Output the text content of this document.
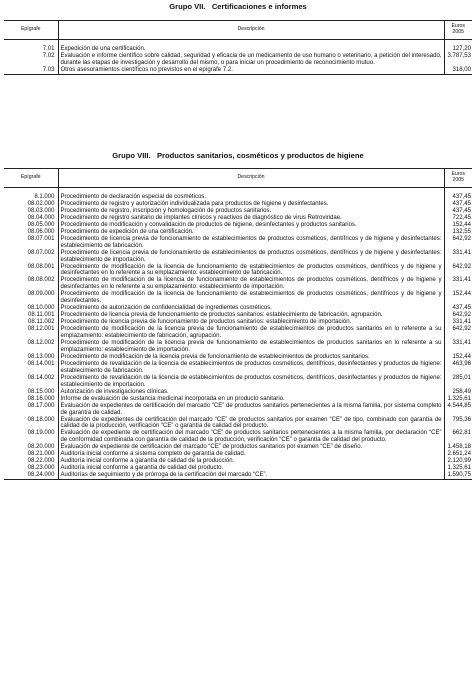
Grupo VII.   Certificaciones e informes
Epígrafe	Descripción	Euros
2005

7.01	Expedición de una certificación.	127,20
7.02	Evaluación e informe científico sobre calidad, seguridad y eficacia de un medicamento de uso humano o veterinario, a petición del interesado, durante las etapas de investigación y desarrollo del mismo, o para iniciar un procedimiento de reconocimiento mutuo.	3.787,53
7.03	Otros asesoramientos científicos no previstos en el epígrafe 7.2.	318,00
Grupo VIII.   Productos sanitarios, cosméticos y productos de higiene
Epígrafe	Descripción	Euros
2005

8.1.000	Procedimiento de declaración especial de cosméticos.	437,45
08.02.000	Procedimiento de registro y autorización individualizada para productos de higiene y desinfectantes.	437,45
08.03.000	Procedimiento de registro, inscripción y homologación de productos sanitarios.	437,45
08.04.000	Procedimiento de registro sanitario de implantes clínicos y reactivos de diagnóstico de virus Retroviridae.	722,45
08.05.000	Procedimiento de modificación y convalidación de productos de higiene, desinfectantes y productos sanitarios.	152,44
08.06.000	Procedimiento de expedición de una certificación.	132,55
08.07.001	Procedimiento de licencia previa de funcionamiento de establecimientos de productos cosméticos, dentífricos y de higiene y desinfectantes: establecimiento de fabricación.	642,92
08.07.002	Procedimiento de licencia previa de funcionamiento de establecimientos de productos cosméticos, dentífricos y de higiene y desinfectantes: establecimiento de importación.	331,41
08.08.001	Procedimiento de modificación de la licencia de funcionamiento de establecimientos de productos cosméticos, dentífricos y de higiene y desinfectantes en lo referente a su emplazamiento: establecimiento de fabricación.	642,92
08.08.002	Procedimiento de modificación de la licencia de funcionamiento de establecimientos de productos cosméticos, dentífricos y de higiene y desinfectantes en lo referente a su emplazamiento: establecimiento de importación.	331,41
08.09.000	Procedimiento de modificación de la licencia de funcionamiento de establecimientos de productos cosméticos, dentífricos y de higiene y desinfectantes.	152,44
08.10.000	Procedimiento de autorización de confidencialidad de ingredientes cosméticos.	437,45
08.11.001	Procedimiento de licencia previa de funcionamiento de productos sanitarios: establecimiento de fabricación, agrupación.	642,92
08.11.002	Procedimiento de licencia previa de funcionamiento de productos sanitarios: establecimiento de importación.	331,41
08.12.001	Procedimiento de modificación de la licencia previa de funcionamiento de establecimientos de productos sanitarios en lo referente a su emplazamiento: establecimiento de fabricación, agrupación.	642,92
08.12.002	Procedimiento de modificación de la licencia previa de funcionamiento de establecimientos de productos sanitarios en lo referente a su emplazamiento: establecimiento de importación.	331,41
08.13.000	Procedimiento de modificación de la licencia previa de funcionamiento de establecimientos de productos sanitarios.	152,44
08.14.001	Procedimiento de revalidación de la licencia de establecimientos de productos cosméticos, dentífricos, desinfectantes y productos de higiene: establecimiento de fabricación.	463,96
08.14.002	Procedimiento de revalidación de la licencia de establecimientos de productos cosméticos, dentífricos, desinfectantes y productos de higiene: establecimiento de importación.	285,01
08.15.000	Autorización de investigaciones clínicas.	258,49
08.16.000	Informe de evaluación de sustancia medicinal incorporada en un producto sanitario.	1.325,61
08.17.000	Evaluación de expedientes de certificación del marcado “CE” de productos sanitarios pertenecientes a la misma familia, por sistema completo de garantía de calidad.	4.544,85
08.18.000	Evaluación de expedientes de certificación del marcado “CE” de productos sanitarios por examen “CE” de tipo, combinado con garantía de calidad de la producción, verificación “CE” o garantía de calidad del producto.	795,36
08.19.000	Evaluación de expediente de certificación del marcado “CE” de productos sanitarios pertenecientes a la misma familia, por declaración “CE” de conformidad combinada con garantía de calidad de la producción, verificación “CE” o garantía de calidad del producto.	662,81
08.20.000	Evaluación de expediente de certificación del marcado “CE” de productos sanitarios por examen “CE” de diseño.	1.458,18
08.21.000	Auditoría inicial conforme a sistema completo de garantía de calidad.	2.651,24
08.22.000	Auditoría inicial conforme a garantía de calidad de la producción.	2.120,99
08.23.000	Auditoría inicial conforme a garantía de calidad del producto.	1.325,61
08.24.000	Auditorías de seguimiento y de prórroga de la certificación del marcado “CE”.	1.590,75
